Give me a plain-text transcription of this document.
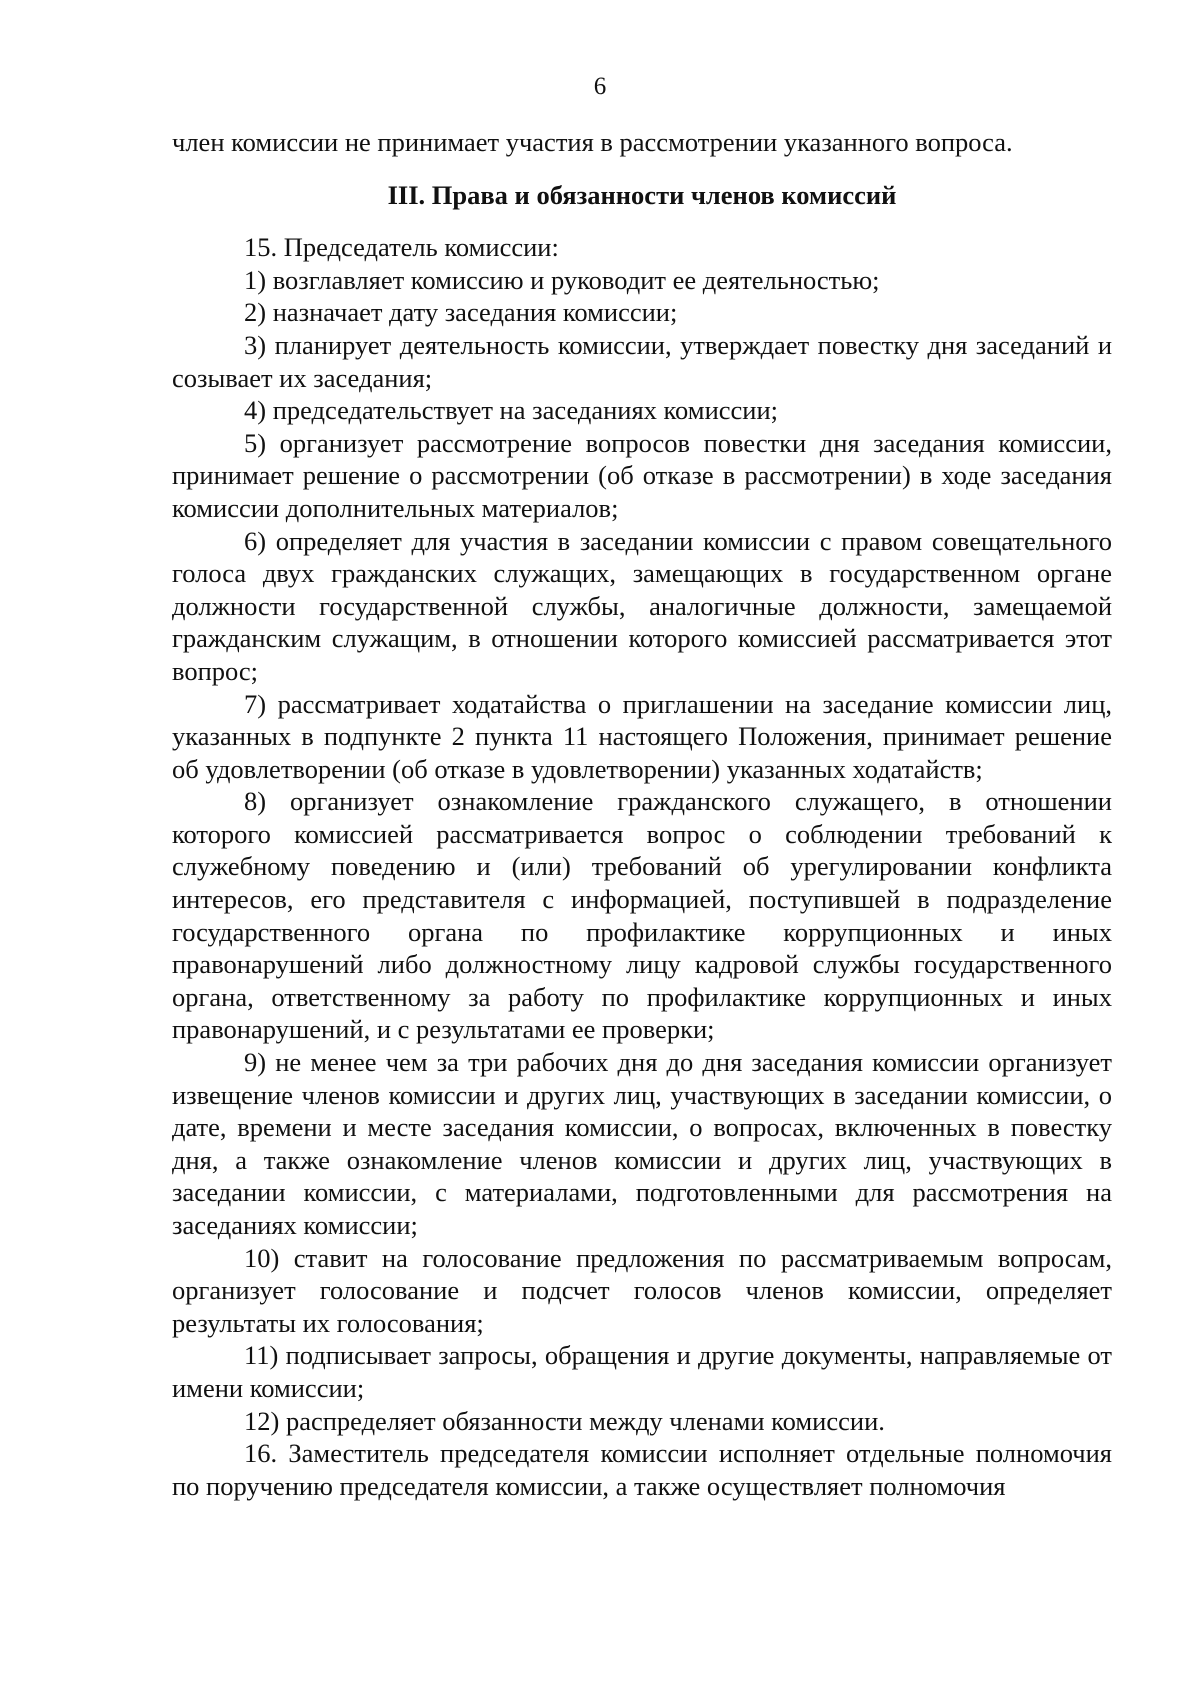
6

член комиссии не принимает участия в рассмотрении указанного вопроса.

III. Права и обязанности членов комиссий

15. Председатель комиссии:

1) возглавляет комиссию и руководит ее деятельностью;

2) назначает дату заседания комиссии;

3) планирует деятельность комиссии, утверждает повестку дня заседаний и созывает их заседания;

4) председательствует на заседаниях комиссии;

5) организует рассмотрение вопросов повестки дня заседания комиссии, принимает решение о рассмотрении (об отказе в рассмотрении) в ходе заседания комиссии дополнительных материалов;

6) определяет для участия в заседании комиссии с правом совещательного голоса двух гражданских служащих, замещающих в государственном органе должности государственной службы, аналогичные должности, замещаемой гражданским служащим, в отношении которого комиссией рассматривается этот вопрос;

7) рассматривает ходатайства о приглашении на заседание комиссии лиц, указанных в подпункте 2 пункта 11 настоящего Положения, принимает решение об удовлетворении (об отказе в удовлетворении) указанных ходатайств;

8) организует ознакомление гражданского служащего, в отношении которого комиссией рассматривается вопрос о соблюдении требований к служебному поведению и (или) требований об урегулировании конфликта интересов, его представителя с информацией, поступившей в подразделение государственного органа по профилактике коррупционных и иных правонарушений либо должностному лицу кадровой службы государственного органа, ответственному за работу по профилактике коррупционных и иных правонарушений, и с результатами ее проверки;

9) не менее чем за три рабочих дня до дня заседания комиссии организует извещение членов комиссии и других лиц, участвующих в заседании комиссии, о дате, времени и месте заседания комиссии, о вопросах, включенных в повестку дня, а также ознакомление членов комиссии и других лиц, участвующих в заседании комиссии, с материалами, подготовленными для рассмотрения на заседаниях комиссии;

10) ставит на голосование предложения по рассматриваемым вопросам, организует голосование и подсчет голосов членов комиссии, определяет результаты их голосования;

11) подписывает запросы, обращения и другие документы, направляемые от имени комиссии;

12) распределяет обязанности между членами комиссии.

16. Заместитель председателя комиссии исполняет отдельные полномочия по поручению председателя комиссии, а также осуществляет полномочия
